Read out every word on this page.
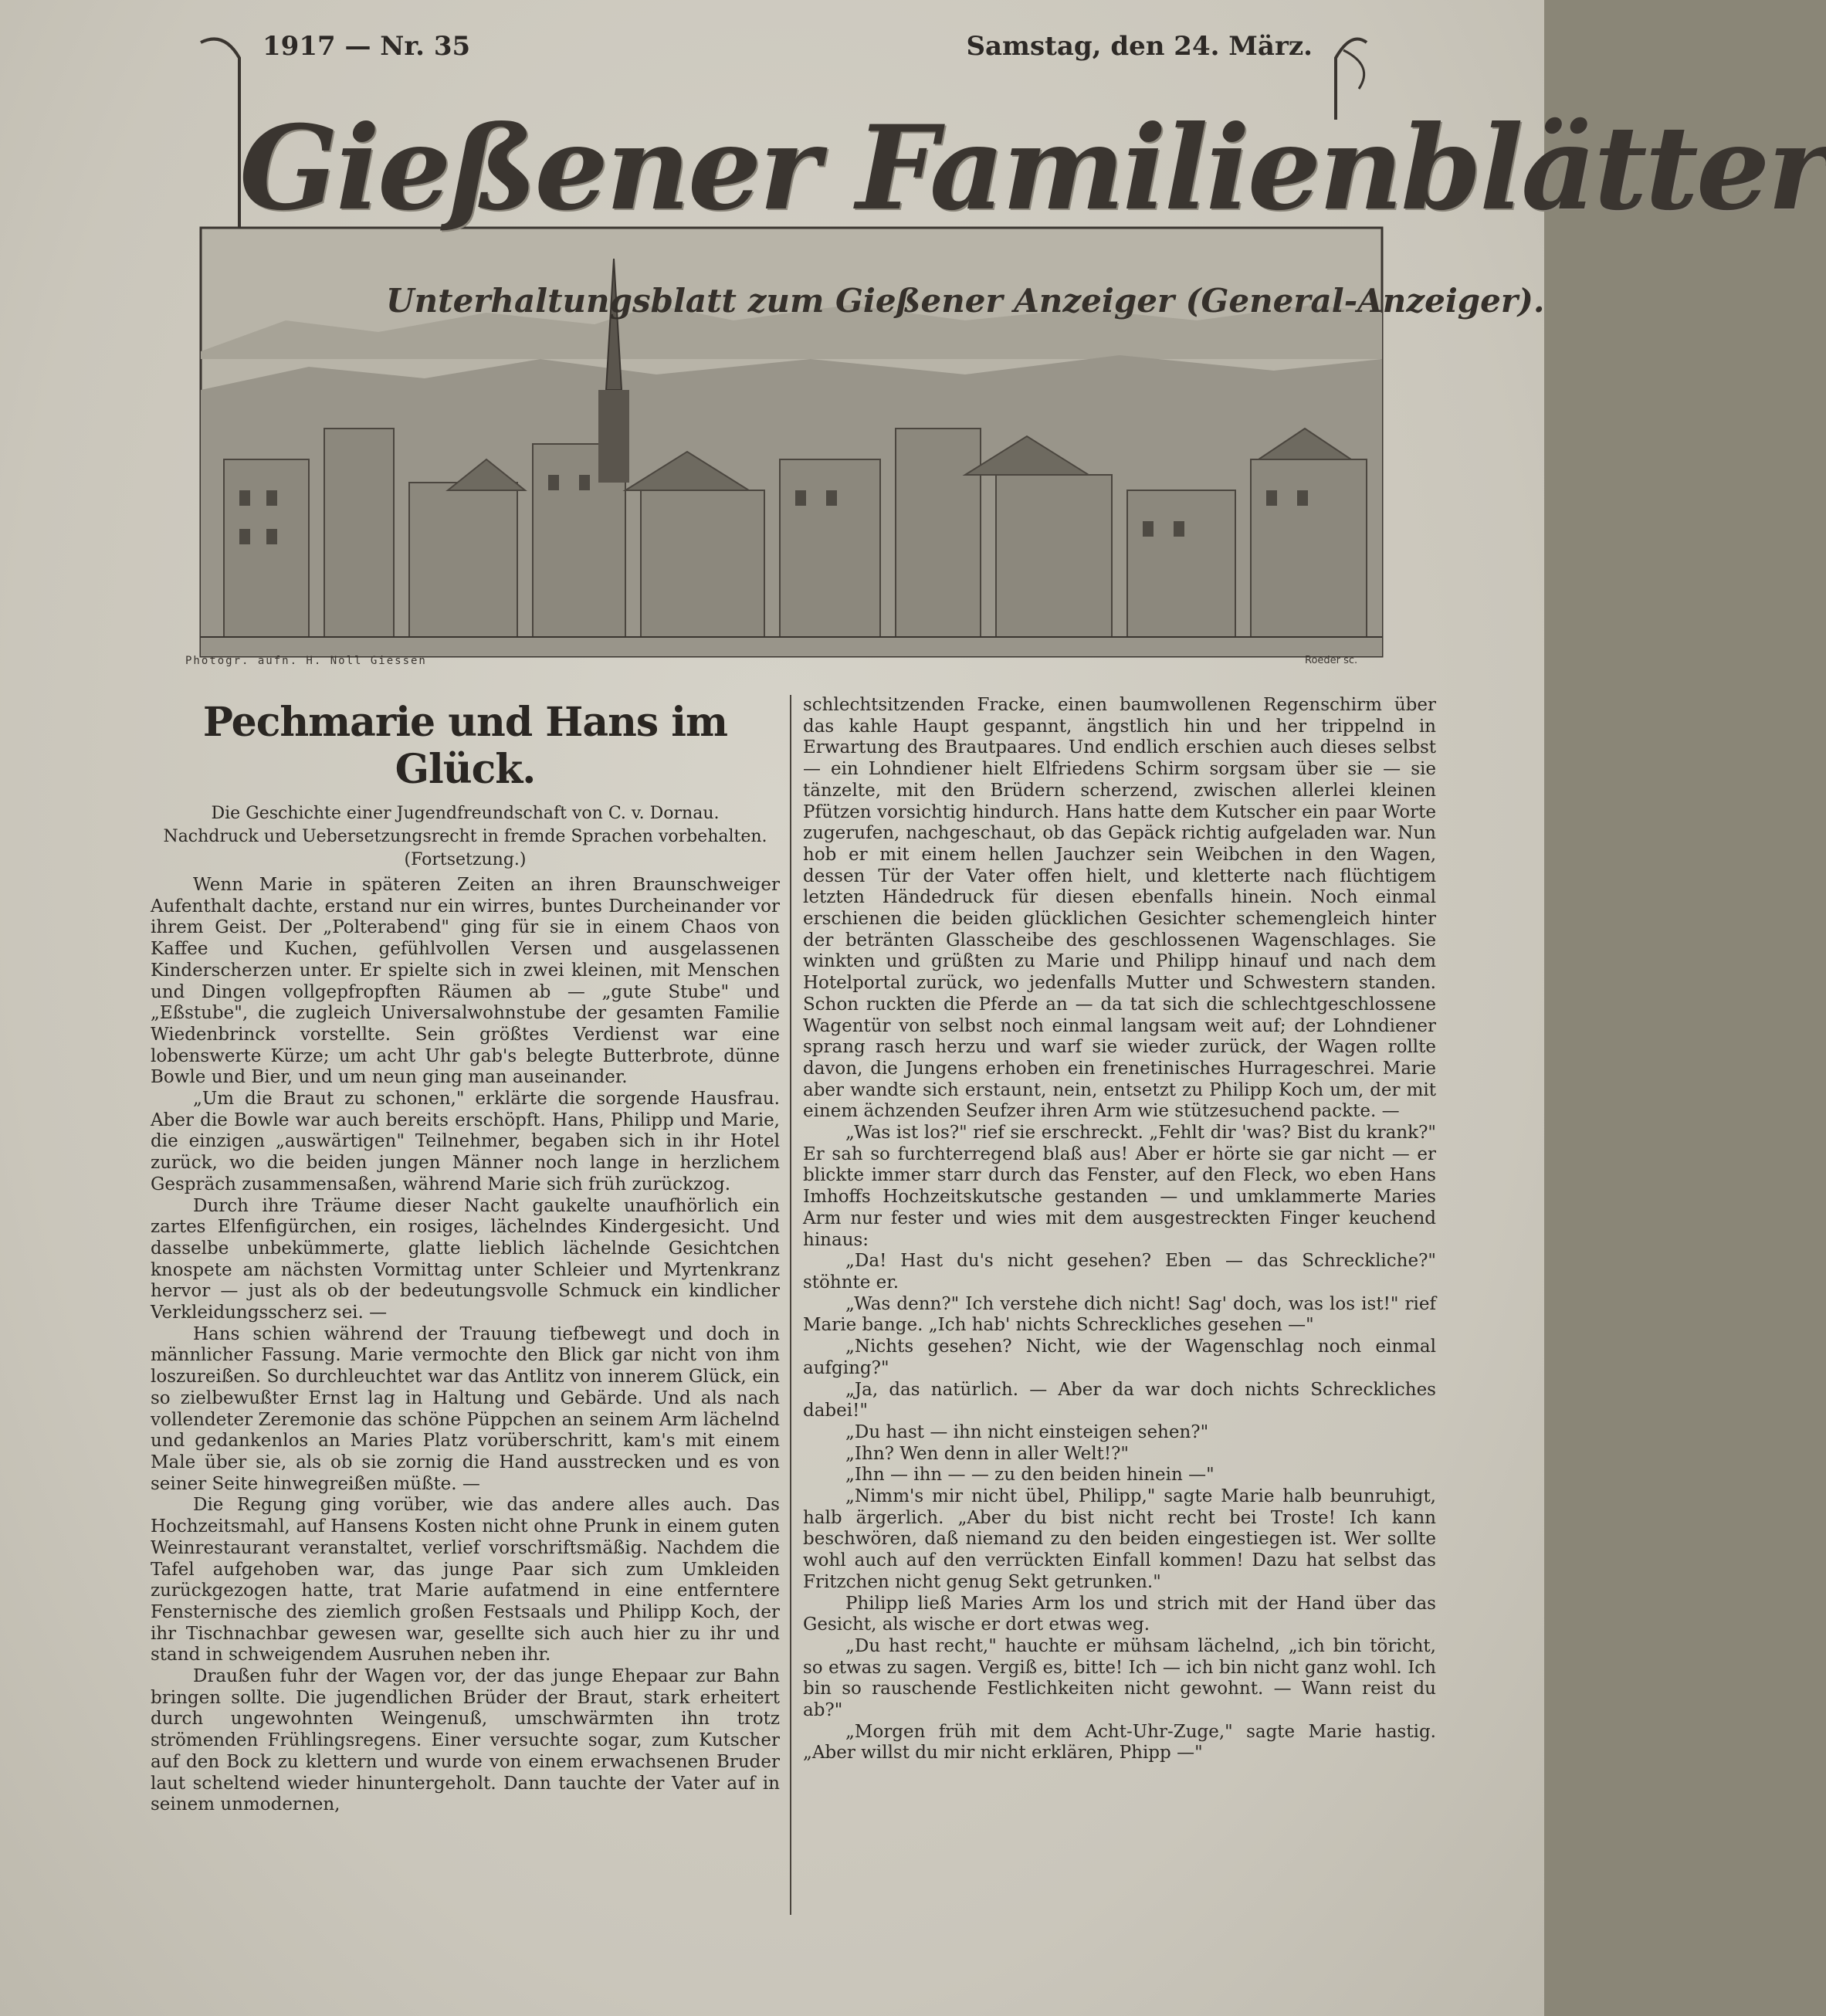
1917 — Nr. 35	Samstag, den 24. März.
Gießener Familienblätter
Unterhaltungsblatt zum Gießener Anzeiger (General-Anzeiger).
Photogr. aufn. H. Noll Giessen	Roeder sc.
Pechmarie und Hans im Glück.

Die Geschichte einer Jugendfreundschaft von C. v. Dornau.

Nachdruck und Uebersetzungsrecht in fremde Sprachen vorbehalten.

(Fortsetzung.)

Wenn Marie in späteren Zeiten an ihren Braunschweiger Aufenthalt dachte, erstand nur ein wirres, buntes Durcheinander vor ihrem Geist. Der „Polterabend" ging für sie in einem Chaos von Kaffee und Kuchen, gefühlvollen Versen und ausgelassenen Kinderscherzen unter. Er spielte sich in zwei kleinen, mit Menschen und Dingen vollgepfropften Räumen ab — „gute Stube" und „Eßstube", die zugleich Universalwohnstube der gesamten Familie Wiedenbrinck vorstellte. Sein größtes Verdienst war eine lobenswerte Kürze; um acht Uhr gab's belegte Butterbrote, dünne Bowle und Bier, und um neun ging man auseinander.

„Um die Braut zu schonen," erklärte die sorgende Hausfrau. Aber die Bowle war auch bereits erschöpft. Hans, Philipp und Marie, die einzigen „auswärtigen" Teilnehmer, begaben sich in ihr Hotel zurück, wo die beiden jungen Männer noch lange in herzlichem Gespräch zusammensaßen, während Marie sich früh zurückzog.

Durch ihre Träume dieser Nacht gaukelte unaufhörlich ein zartes Elfenfigürchen, ein rosiges, lächelndes Kindergesicht. Und dasselbe unbekümmerte, glatte lieblich lächelnde Gesichtchen knospete am nächsten Vormittag unter Schleier und Myrtenkranz hervor — just als ob der bedeutungsvolle Schmuck ein kindlicher Verkleidungsscherz sei. —

Hans schien während der Trauung tiefbewegt und doch in männlicher Fassung. Marie vermochte den Blick gar nicht von ihm loszureißen. So durchleuchtet war das Antlitz von innerem Glück, ein so zielbewußter Ernst lag in Haltung und Gebärde. Und als nach vollendeter Zeremonie das schöne Püppchen an seinem Arm lächelnd und gedankenlos an Maries Platz vorüberschritt, kam's mit einem Male über sie, als ob sie zornig die Hand ausstrecken und es von seiner Seite hinwegreißen müßte. —

Die Regung ging vorüber, wie das andere alles auch. Das Hochzeitsmahl, auf Hansens Kosten nicht ohne Prunk in einem guten Weinrestaurant veranstaltet, verlief vorschriftsmäßig. Nachdem die Tafel aufgehoben war, das junge Paar sich zum Umkleiden zurückgezogen hatte, trat Marie aufatmend in eine entferntere Fensternische des ziemlich großen Festsaals und Philipp Koch, der ihr Tischnachbar gewesen war, gesellte sich auch hier zu ihr und stand in schweigendem Ausruhen neben ihr.

Draußen fuhr der Wagen vor, der das junge Ehepaar zur Bahn bringen sollte. Die jugendlichen Brüder der Braut, stark erheitert durch ungewohnten Weingenuß, umschwärmten ihn trotz strömenden Frühlingsregens. Einer versuchte sogar, zum Kutscher auf den Bock zu klettern und wurde von einem erwachsenen Bruder laut scheltend wieder hinuntergeholt. Dann tauchte der Vater auf in seinem unmodernen,

schlechtsitzenden Fracke, einen baumwollenen Regenschirm über das kahle Haupt gespannt, ängstlich hin und her trippelnd in Erwartung des Brautpaares. Und endlich erschien auch dieses selbst — ein Lohndiener hielt Elfriedens Schirm sorgsam über sie — sie tänzelte, mit den Brüdern scherzend, zwischen allerlei kleinen Pfützen vorsichtig hindurch. Hans hatte dem Kutscher ein paar Worte zugerufen, nachgeschaut, ob das Gepäck richtig aufgeladen war. Nun hob er mit einem hellen Jauchzer sein Weibchen in den Wagen, dessen Tür der Vater offen hielt, und kletterte nach flüchtigem letzten Händedruck für diesen ebenfalls hinein. Noch einmal erschienen die beiden glücklichen Gesichter schemengleich hinter der betränten Glasscheibe des geschlossenen Wagenschlages. Sie winkten und grüßten zu Marie und Philipp hinauf und nach dem Hotelportal zurück, wo jedenfalls Mutter und Schwestern standen. Schon ruckten die Pferde an — da tat sich die schlechtgeschlossene Wagentür von selbst noch einmal langsam weit auf; der Lohndiener sprang rasch herzu und warf sie wieder zurück, der Wagen rollte davon, die Jungens erhoben ein frenetinisches Hurrageschrei. Marie aber wandte sich erstaunt, nein, entsetzt zu Philipp Koch um, der mit einem ächzenden Seufzer ihren Arm wie stützesuchend packte. —

„Was ist los?" rief sie erschreckt. „Fehlt dir 'was? Bist du krank?" Er sah so furchterregend blaß aus! Aber er hörte sie gar nicht — er blickte immer starr durch das Fenster, auf den Fleck, wo eben Hans Imhoffs Hochzeitskutsche gestanden — und umklammerte Maries Arm nur fester und wies mit dem ausgestreckten Finger keuchend hinaus:

„Da! Hast du's nicht gesehen? Eben — das Schreckliche?" stöhnte er.

„Was denn?" Ich verstehe dich nicht! Sag' doch, was los ist!" rief Marie bange. „Ich hab' nichts Schreckliches gesehen —"

„Nichts gesehen? Nicht, wie der Wagenschlag noch einmal aufging?"

„Ja, das natürlich. — Aber da war doch nichts Schreckliches dabei!"

„Du hast — ihn nicht einsteigen sehen?"

„Ihn? Wen denn in aller Welt!?"

„Ihn — ihn — — zu den beiden hinein —"

„Nimm's mir nicht übel, Philipp," sagte Marie halb beunruhigt, halb ärgerlich. „Aber du bist nicht recht bei Troste! Ich kann beschwören, daß niemand zu den beiden eingestiegen ist. Wer sollte wohl auch auf den verrückten Einfall kommen! Dazu hat selbst das Fritzchen nicht genug Sekt getrunken."

Philipp ließ Maries Arm los und strich mit der Hand über das Gesicht, als wische er dort etwas weg.

„Du hast recht," hauchte er mühsam lächelnd, „ich bin töricht, so etwas zu sagen. Vergiß es, bitte! Ich — ich bin nicht ganz wohl. Ich bin so rauschende Festlichkeiten nicht gewohnt. — Wann reist du ab?"

„Morgen früh mit dem Acht-Uhr-Zuge," sagte Marie hastig. „Aber willst du mir nicht erklären, Phipp —"
